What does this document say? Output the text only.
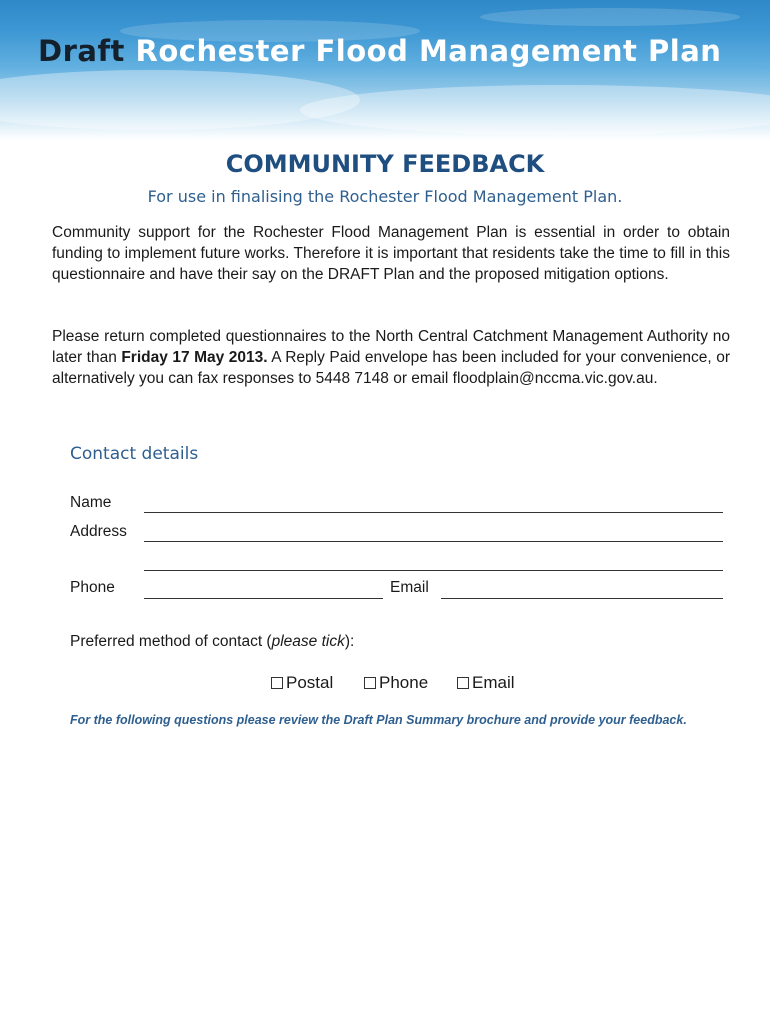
Draft Rochester Flood Management Plan
COMMUNITY FEEDBACK
For use in finalising the Rochester Flood Management Plan.
Community support for the Rochester Flood Management Plan is essential in order to obtain funding to implement future works. Therefore it is important that residents take the time to fill in this questionnaire and have their say on the DRAFT Plan and the proposed mitigation options.
Please return completed questionnaires to the North Central Catchment Management Authority no later than Friday 17 May 2013. A Reply Paid envelope has been included for your convenience, or alternatively you can fax responses to 5448 7148 or email floodplain@nccma.vic.gov.au.
Contact details
Name
Address
Phone	Email
Preferred method of contact (please tick):
Postal	Phone	Email
For the following questions please review the Draft Plan Summary brochure and provide your feedback.
